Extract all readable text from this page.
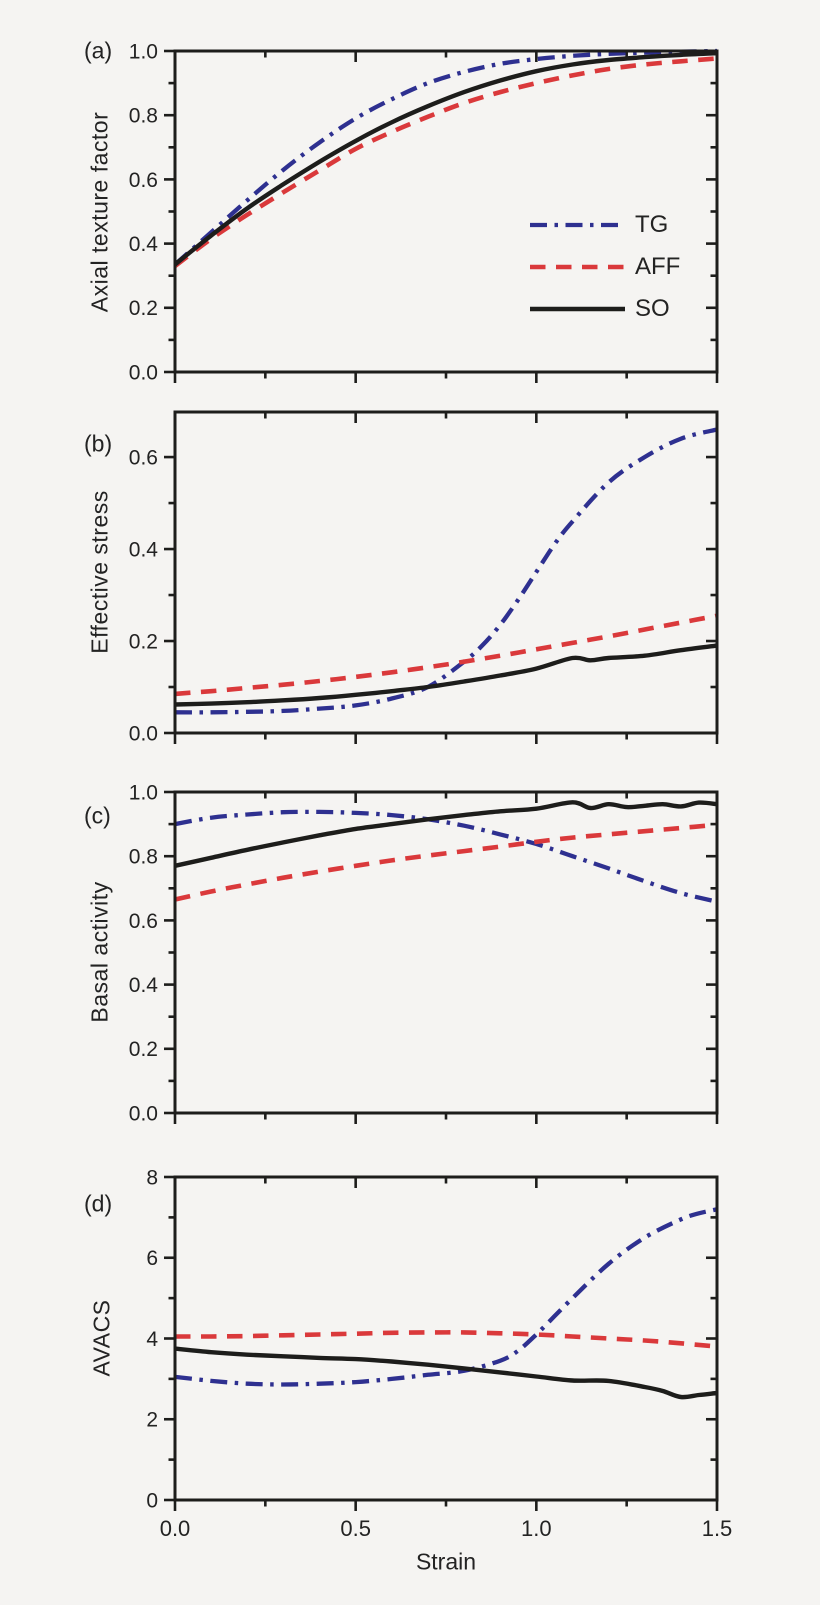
0.0
0.2
0.4
0.6
0.8
1.0
0.0
0.2
0.4
0.6
0.0
0.2
0.4
0.6
0.8
1.0
0
2
4
6
8
0.0	0.5	1.0	1.5
Axial texture factor
Effective stress
Basal activity
AVACS
(a)
(b)
(c)
(d)
Strain
TG
AFF
SO
